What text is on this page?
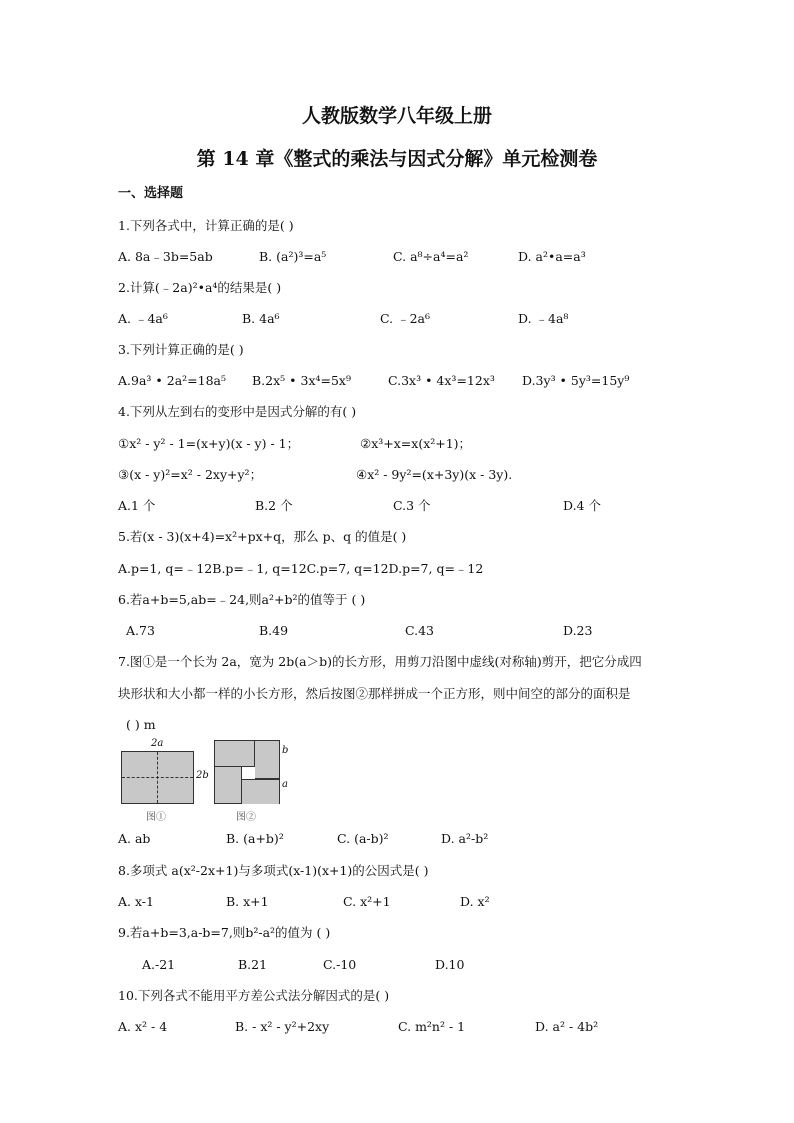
人教版数学八年级上册
第 14 章《整式的乘法与因式分解》单元检测卷
一、选择题
1.下列各式中，计算正确的是( )
A. 8a﹣3b=5ab	B. (a²)³=a⁵	C. a⁸÷a⁴=a²	D. a²•a=a³
2.计算(﹣2a)²•a⁴的结果是( )
A. ﹣4a⁶	B. 4a⁶	C. ﹣2a⁶	D. ﹣4a⁸
3.下列计算正确的是( )
A.9a³ • 2a²=18a⁵ B.2x⁵ • 3x⁴=5x⁹	C.3x³ • 4x³=12x³ D.3y³ • 5y³=15y⁹
4.下列从左到右的变形中是因式分解的有( )
①x² - y² - 1=(x+y)(x - y) - 1；	②x³+x=x(x²+1)；
③(x - y)²=x² - 2xy+y²；	④x² - 9y²=(x+3y)(x - 3y).
A.1 个	B.2 个	C.3 个	D.4 个
5.若(x - 3)(x+4)=x²+px+q，那么 p、q 的值是( )
A.p=1, q=﹣12B.p=﹣1, q=12C.p=7, q=12D.p=7, q=﹣12
6.若a+b=5,ab=﹣24,则a²+b²的值等于 ( )
A.73	B.49	C.43	D.23
7.图①是一个长为 2a，宽为 2b(a＞b)的长方形，用剪刀沿图中虚线(对称轴)剪开，把它分成四
块形状和大小都一样的小长方形，然后按图②那样拼成一个正方形，则中间空的部分的面积是
( ) m
2a
2b
图①
b
a
图②
A. ab	B. (a+b)²	C. (a-b)²	D. a²-b²
8.多项式 a(x²-2x+1)与多项式(x-1)(x+1)的公因式是( )
A. x-1	B. x+1	C. x²+1	D. x²
9.若a+b=3,a-b=7,则b²-a²的值为 ( )
A.-21	B.21	C.-10	D.10
10.下列各式不能用平方差公式法分解因式的是( )
A. x² - 4	B. - x² - y²+2xy	C. m²n² - 1	D. a² - 4b²
